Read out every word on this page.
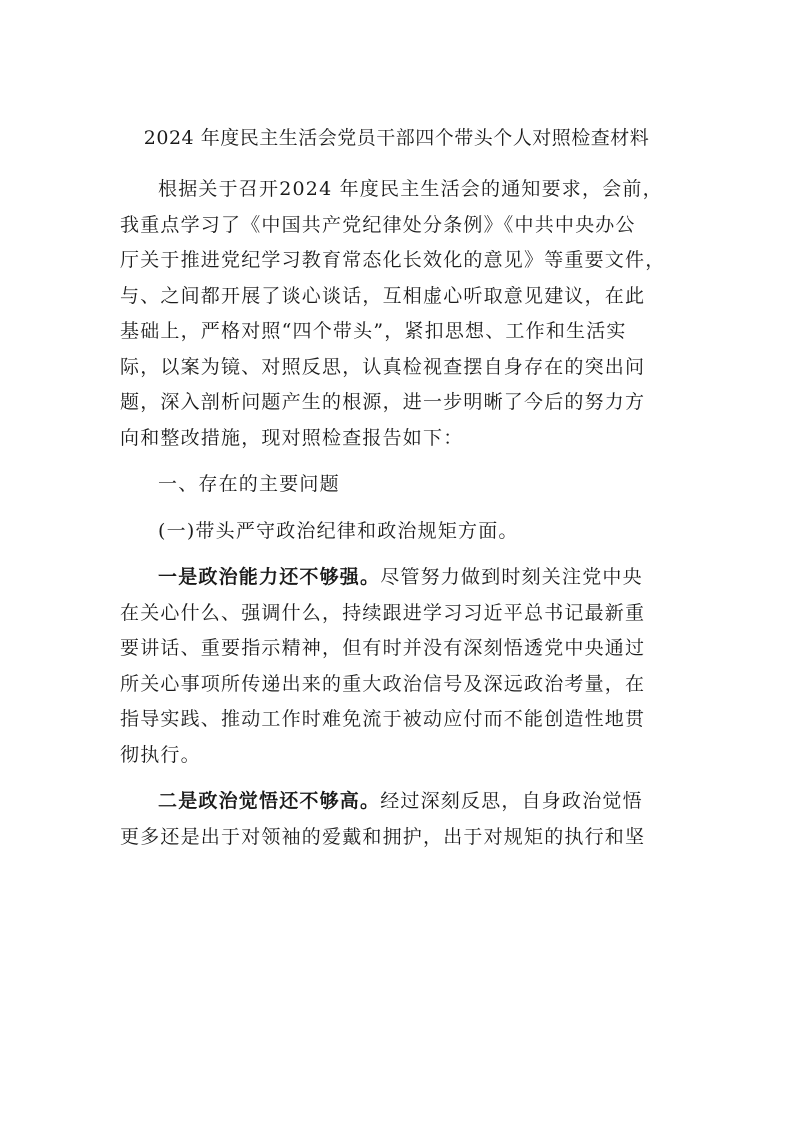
2024 年度民主生活会党员干部四个带头个人对照检查材料
根据关于召开2024 年度民主生活会的通知要求，会前，
我重点学习了《中国共产党纪律处分条例》《中共中央办公
厅关于推进党纪学习教育常态化长效化的意见》等重要文件，
与、之间都开展了谈心谈话，互相虚心听取意见建议，在此
基础上，严格对照“四个带头”，紧扣思想、工作和生活实
际，以案为镜、对照反思，认真检视查摆自身存在的突出问
题，深入剖析问题产生的根源，进一步明晰了今后的努力方
向和整改措施，现对照检查报告如下：
一、存在的主要问题
(一)带头严守政治纪律和政治规矩方面。
一是政治能力还不够强。尽管努力做到时刻关注党中央
在关心什么、强调什么，持续跟进学习习近平总书记最新重
要讲话、重要指示精神，但有时并没有深刻悟透党中央通过
所关心事项所传递出来的重大政治信号及深远政治考量，在
指导实践、推动工作时难免流于被动应付而不能创造性地贯
彻执行。
二是政治觉悟还不够高。经过深刻反思，自身政治觉悟
更多还是出于对领袖的爱戴和拥护，出于对规矩的执行和坚
